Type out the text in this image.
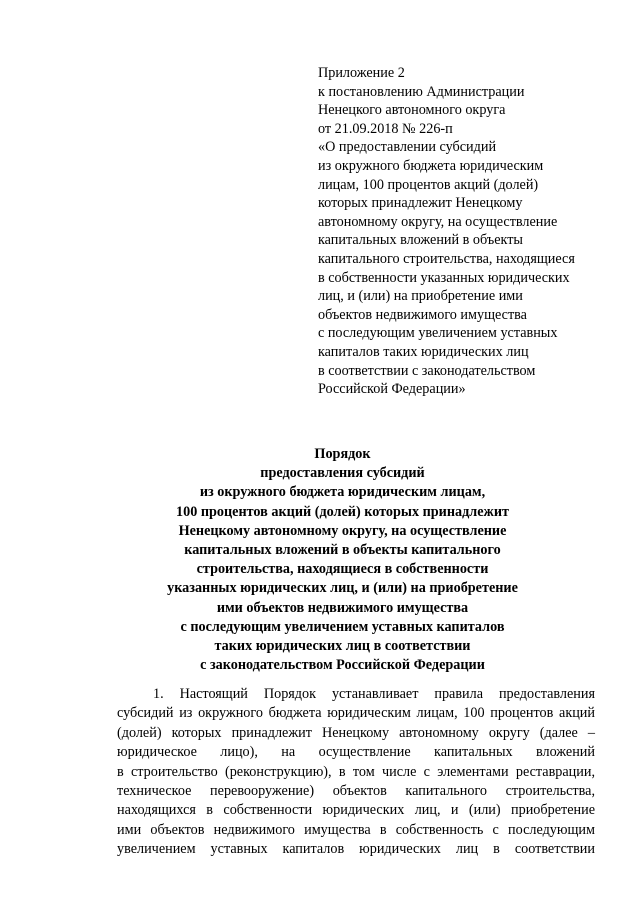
Приложение 2
к постановлению Администрации
Ненецкого автономного округа
от 21.09.2018 № 226-п
«О предоставлении субсидий
из окружного бюджета юридическим
лицам, 100 процентов акций (долей)
которых принадлежит Ненецкому
автономному округу, на осуществление
капитальных вложений в объекты
капитального строительства, находящиеся
в собственности указанных юридических
лиц, и (или) на приобретение ими
объектов недвижимого имущества
с последующим увеличением уставных
капиталов таких юридических лиц
в соответствии с законодательством
Российской Федерации»
Порядок
предоставления субсидий
из окружного бюджета юридическим лицам,
100 процентов акций (долей) которых принадлежит
Ненецкому автономному округу, на осуществление
капитальных вложений в объекты капитального
строительства, находящиеся в собственности
указанных юридических лиц, и (или) на приобретение
ими объектов недвижимого имущества
с последующим увеличением уставных капиталов
таких юридических лиц в соответствии
с законодательством Российской Федерации
1. Настоящий Порядок устанавливает правила предоставления
субсидий из окружного бюджета юридическим лицам, 100 процентов акций
(долей) которых принадлежит Ненецкому автономному округу (далее –
юридическое лицо), на осуществление капитальных вложений
в строительство (реконструкцию), в том числе с элементами реставрации,
техническое перевооружение) объектов капитального строительства,
находящихся в собственности юридических лиц, и (или) приобретение
ими объектов недвижимого имущества в собственность с последующим
увеличением уставных капиталов юридических лиц в соответствии
